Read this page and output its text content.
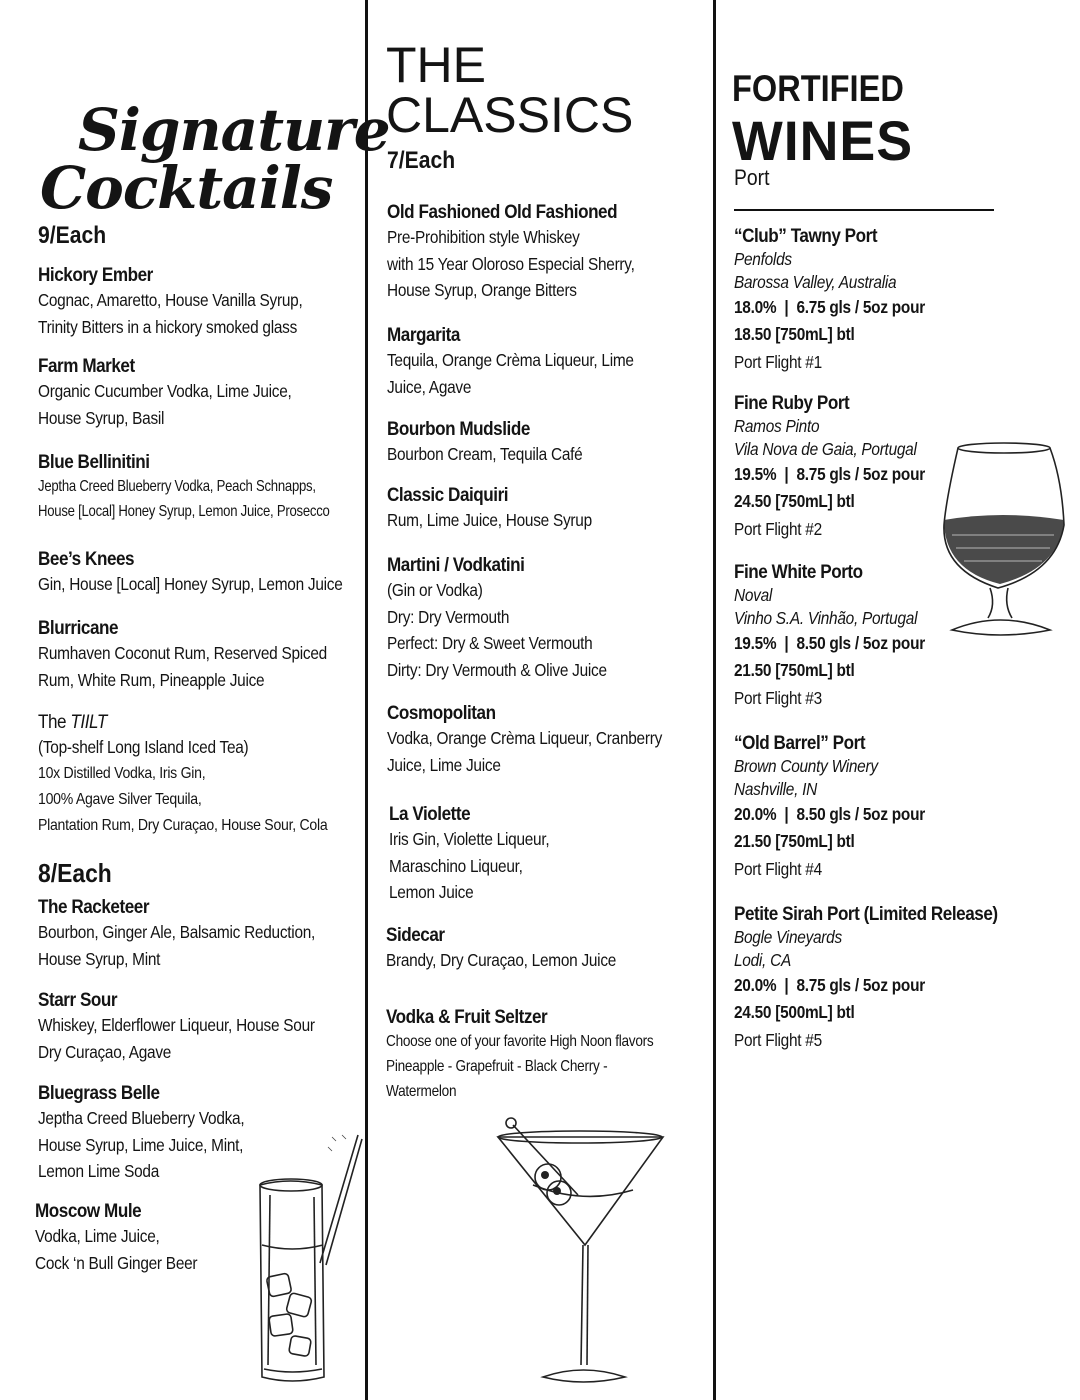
Signature
Cocktails
9/Each
Hickory Ember
Cognac, Amaretto, House Vanilla Syrup,
Trinity Bitters in a hickory smoked glass
Farm Market
Organic Cucumber Vodka, Lime Juice,
House Syrup, Basil
Blue Bellinitini
Jeptha Creed Blueberry Vodka, Peach Schnapps,
House [Local] Honey Syrup, Lemon Juice, Prosecco
Bee’s Knees
Gin, House [Local] Honey Syrup, Lemon Juice
Blurricane
Rumhaven Coconut Rum, Reserved Spiced
Rum, White Rum, Pineapple Juice
The TIILT
(Top-shelf Long Island Iced Tea)
10x Distilled Vodka, Iris Gin,
100% Agave Silver Tequila,
Plantation Rum, Dry Curaçao, House Sour, Cola
8/Each
The Racketeer
Bourbon, Ginger Ale, Balsamic Reduction,
House Syrup, Mint
Starr Sour
Whiskey, Elderflower Liqueur, House Sour
Dry Curaçao, Agave
Bluegrass Belle
Jeptha Creed Blueberry Vodka,
House Syrup, Lime Juice, Mint,
Lemon Lime Soda
Moscow Mule
Vodka, Lime Juice,
Cock ‘n Bull Ginger Beer
THE
CLASSICS
7/Each
Old Fashioned Old Fashioned
Pre-Prohibition style Whiskey
with 15 Year Oloroso Especial Sherry,
House Syrup, Orange Bitters
Margarita
Tequila, Orange Crèma Liqueur, Lime
Juice, Agave
Bourbon Mudslide
Bourbon Cream, Tequila Café
Classic Daiquiri
Rum, Lime Juice, House Syrup
Martini / Vodkatini
(Gin or Vodka)
Dry: Dry Vermouth
Perfect: Dry & Sweet Vermouth
Dirty: Dry Vermouth & Olive Juice
Cosmopolitan
Vodka, Orange Crèma Liqueur, Cranberry
Juice, Lime Juice
La Violette
Iris Gin, Violette Liqueur,
Maraschino Liqueur,
Lemon Juice
Sidecar
Brandy, Dry Curaçao, Lemon Juice
Vodka & Fruit Seltzer
Choose one of your favorite High Noon flavors
Pineapple - Grapefruit - Black Cherry -
Watermelon
FORTIFIED
WINES
Port
“Club” Tawny Port
Penfolds
Barossa Valley, Australia
18.0%  |  6.75 gls / 5oz pour
18.50 [750mL] btl
Port Flight #1
Fine Ruby Port
Ramos Pinto
Vila Nova de Gaia, Portugal
19.5%  |  8.75 gls / 5oz pour
24.50 [750mL] btl
Port Flight #2
Fine White Porto
Noval
Vinho S.A. Vinhão, Portugal
19.5%  |  8.50 gls / 5oz pour
21.50 [750mL] btl
Port Flight #3
“Old Barrel” Port
Brown County Winery
Nashville, IN
20.0%  |  8.50 gls / 5oz pour
21.50 [750mL] btl
Port Flight #4
Petite Sirah Port (Limited Release)
Bogle Vineyards
Lodi, CA
20.0%  |  8.75 gls / 5oz pour
24.50 [500mL] btl
Port Flight #5
